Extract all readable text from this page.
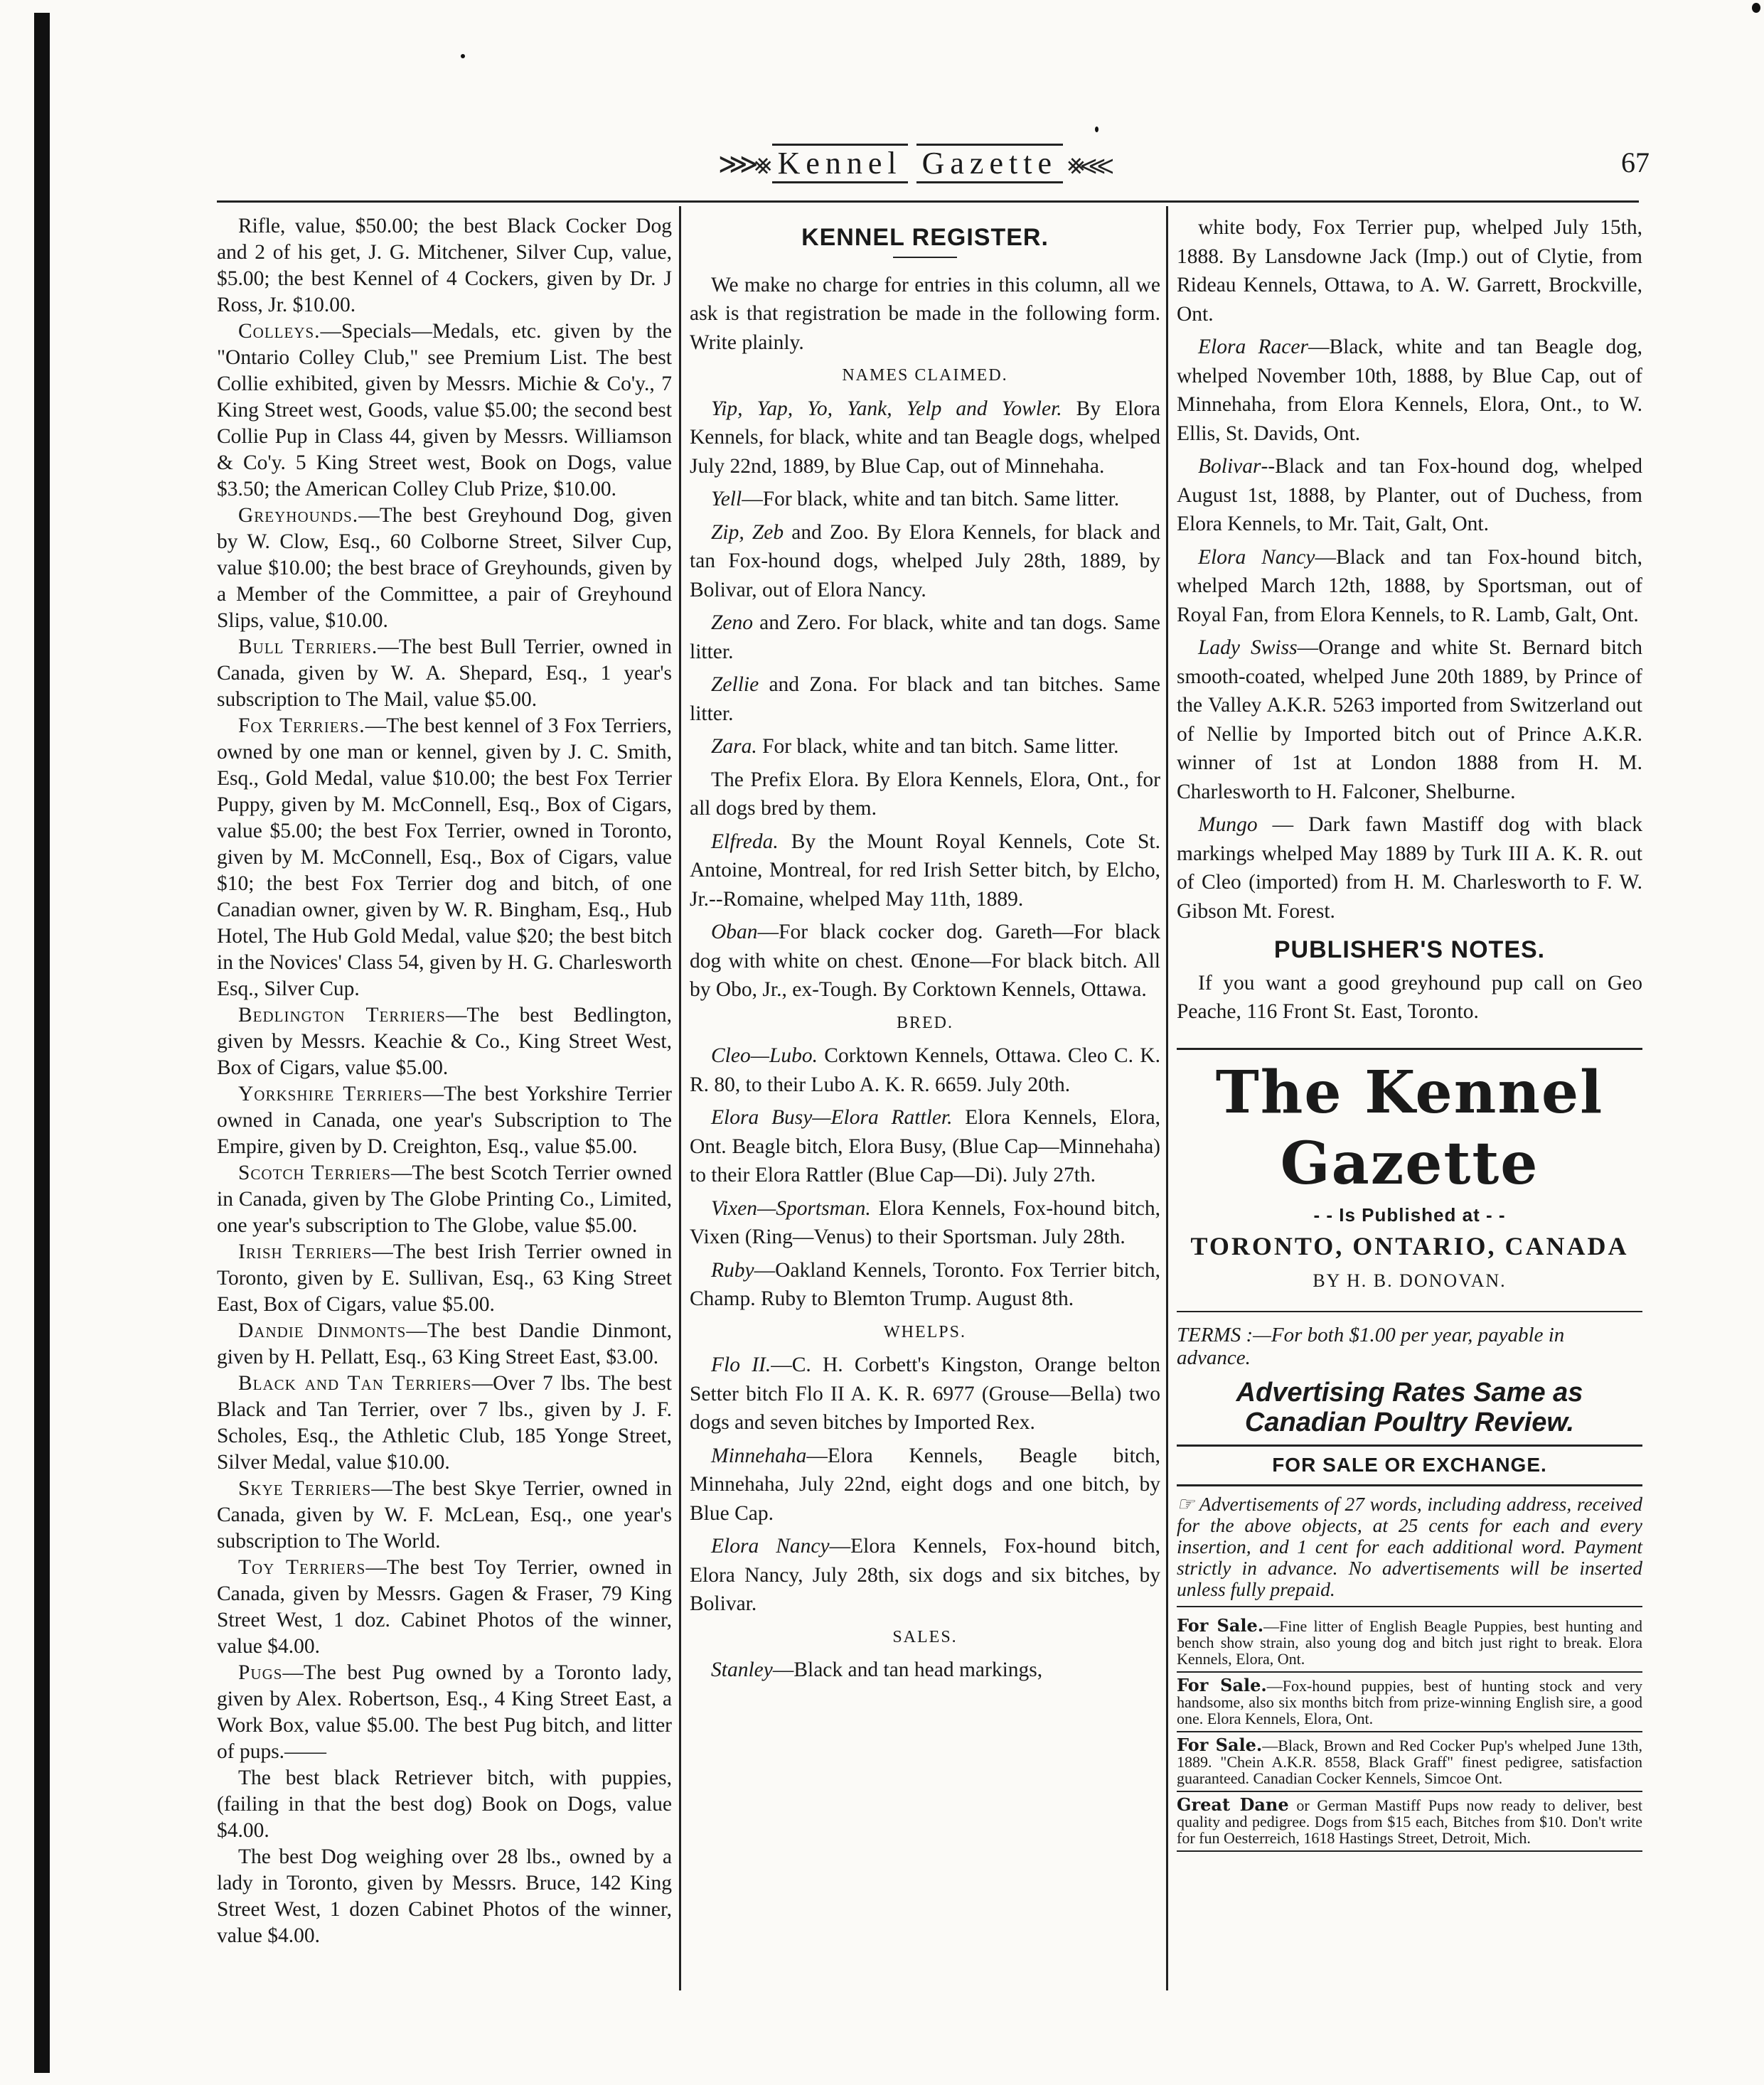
⋙⨳ Kennel Gazette ⨳⋘	67

Rifle, value, $50.00; the best Black Cocker Dog and 2 of his get, J. G. Mitchener, Silver Cup, value, $5.00; the best Kennel of 4 Cockers, given by Dr. J Ross, Jr. $10.00.

Colleys.—Specials—Medals, etc. given by the "Ontario Colley Club," see Premium List. The best Collie exhibited, given by Messrs. Michie & Co'y., 7 King Street west, Goods, value $5.00; the second best Collie Pup in Class 44, given by Messrs. Williamson & Co'y. 5 King Street west, Book on Dogs, value $3.50; the American Colley Club Prize, $10.00.

Greyhounds.—The best Greyhound Dog, given by W. Clow, Esq., 60 Colborne Street, Silver Cup, value $10.00; the best brace of Greyhounds, given by a Member of the Committee, a pair of Greyhound Slips, value, $10.00.

Bull Terriers.—The best Bull Terrier, owned in Canada, given by W. A. Shepard, Esq., 1 year's subscription to The Mail, value $5.00.

Fox Terriers.—The best kennel of 3 Fox Terriers, owned by one man or kennel, given by J. C. Smith, Esq., Gold Medal, value $10.00; the best Fox Terrier Puppy, given by M. McConnell, Esq., Box of Cigars, value $5.00; the best Fox Terrier, owned in Toronto, given by M. McConnell, Esq., Box of Cigars, value $10; the best Fox Terrier dog and bitch, of one Canadian owner, given by W. R. Bingham, Esq., Hub Hotel, The Hub Gold Medal, value $20; the best bitch in the Novices' Class 54, given by H. G. Charlesworth Esq., Silver Cup.

Bedlington Terriers—The best Bedlington, given by Messrs. Keachie & Co., King Street West, Box of Cigars, value $5.00.

Yorkshire Terriers—The best Yorkshire Terrier owned in Canada, one year's Subscription to The Empire, given by D. Creighton, Esq., value $5.00.

Scotch Terriers—The best Scotch Terrier owned in Canada, given by The Globe Printing Co., Limited, one year's subscription to The Globe, value $5.00.

Irish Terriers—The best Irish Terrier owned in Toronto, given by E. Sullivan, Esq., 63 King Street East, Box of Cigars, value $5.00.

Dandie Dinmonts—The best Dandie Dinmont, given by H. Pellatt, Esq., 63 King Street East, $3.00.

Black and Tan Terriers—Over 7 lbs. The best Black and Tan Terrier, over 7 lbs., given by J. F. Scholes, Esq., the Athletic Club, 185 Yonge Street, Silver Medal, value $10.00.

Skye Terriers—The best Skye Terrier, owned in Canada, given by W. F. McLean, Esq., one year's subscription to The World.

Toy Terriers—The best Toy Terrier, owned in Canada, given by Messrs. Gagen & Fraser, 79 King Street West, 1 doz. Cabinet Photos of the winner, value $4.00.

Pugs—The best Pug owned by a Toronto lady, given by Alex. Robertson, Esq., 4 King Street East, a Work Box, value $5.00. The best Pug bitch, and litter of pups.——

The best black Retriever bitch, with puppies, (failing in that the best dog) Book on Dogs, value $4.00.

The best Dog weighing over 28 lbs., owned by a lady in Toronto, given by Messrs. Bruce, 142 King Street West, 1 dozen Cabinet Photos of the winner, value $4.00.

KENNEL REGISTER.

We make no charge for entries in this column, all we ask is that registration be made in the following form. Write plainly.

NAMES CLAIMED.

Yip, Yap, Yo, Yank, Yelp and Yowler. By Elora Kennels, for black, white and tan Beagle dogs, whelped July 22nd, 1889, by Blue Cap, out of Minnehaha.

Yell—For black, white and tan bitch. Same litter.

Zip, Zeb and Zoo. By Elora Kennels, for black and tan Fox-hound dogs, whelped July 28th, 1889, by Bolivar, out of Elora Nancy.

Zeno and Zero. For black, white and tan dogs. Same litter.

Zellie and Zona. For black and tan bitches. Same litter.

Zara. For black, white and tan bitch. Same litter.

The Prefix Elora. By Elora Kennels, Elora, Ont., for all dogs bred by them.

Elfreda. By the Mount Royal Kennels, Cote St. Antoine, Montreal, for red Irish Setter bitch, by Elcho, Jr.--Romaine, whelped May 11th, 1889.

Oban—For black cocker dog. Gareth—For black dog with white on chest. Œnone—For black bitch. All by Obo, Jr., ex-Tough. By Corktown Kennels, Ottawa.

BRED.

Cleo—Lubo. Corktown Kennels, Ottawa. Cleo C. K. R. 80, to their Lubo A. K. R. 6659. July 20th.

Elora Busy—Elora Rattler. Elora Kennels, Elora, Ont. Beagle bitch, Elora Busy, (Blue Cap—Minnehaha) to their Elora Rattler (Blue Cap—Di). July 27th.

Vixen—Sportsman. Elora Kennels, Fox-hound bitch, Vixen (Ring—Venus) to their Sportsman. July 28th.

Ruby—Oakland Kennels, Toronto. Fox Terrier bitch, Champ. Ruby to Blemton Trump. August 8th.

WHELPS.

Flo II.—C. H. Corbett's Kingston, Orange belton Setter bitch Flo II A. K. R. 6977 (Grouse—Bella) two dogs and seven bitches by Imported Rex.

Minnehaha—Elora Kennels, Beagle bitch, Minnehaha, July 22nd, eight dogs and one bitch, by Blue Cap.

Elora Nancy—Elora Kennels, Fox-hound bitch, Elora Nancy, July 28th, six dogs and six bitches, by Bolivar.

SALES.

Stanley—Black and tan head markings,

white body, Fox Terrier pup, whelped July 15th, 1888. By Lansdowne Jack (Imp.) out of Clytie, from Rideau Kennels, Ottawa, to A. W. Garrett, Brockville, Ont.

Elora Racer—Black, white and tan Beagle dog, whelped November 10th, 1888, by Blue Cap, out of Minnehaha, from Elora Kennels, Elora, Ont., to W. Ellis, St. Davids, Ont.

Bolivar--Black and tan Fox-hound dog, whelped August 1st, 1888, by Planter, out of Duchess, from Elora Kennels, to Mr. Tait, Galt, Ont.

Elora Nancy—Black and tan Fox-hound bitch, whelped March 12th, 1888, by Sportsman, out of Royal Fan, from Elora Kennels, to R. Lamb, Galt, Ont.

Lady Swiss—Orange and white St. Bernard bitch smooth-coated, whelped June 20th 1889, by Prince of the Valley A.K.R. 5263 imported from Switzerland out of Nellie by Imported bitch out of Prince A.K.R. winner of 1st at London 1888 from H. M. Charlesworth to H. Falconer, Shelburne.

Mungo — Dark fawn Mastiff dog with black markings whelped May 1889 by Turk III A. K. R. out of Cleo (imported) from H. M. Charlesworth to F. W. Gibson Mt. Forest.

PUBLISHER'S NOTES.

If you want a good greyhound pup call on Geo Peache, 116 Front St. East, Toronto.

The Kennel Gazette
- - Is Published at - -
TORONTO, ONTARIO, CANADA
BY H. B. DONOVAN.
TERMS :—For both $1.00 per year, payable in advance.
Advertising Rates Same as Canadian Poultry Review.
FOR SALE OR EXCHANGE.
☞ Advertisements of 27 words, including address, received for the above objects, at 25 cents for each and every insertion, and 1 cent for each additional word. Payment strictly in advance. No advertisements will be inserted unless fully prepaid.
For Sale.—Fine litter of English Beagle Puppies, best hunting and bench show strain, also young dog and bitch just right to break. Elora Kennels, Elora, Ont.
For Sale.—Fox-hound puppies, best of hunting stock and very handsome, also six months bitch from prize-winning English sire, a good one. Elora Kennels, Elora, Ont.
For Sale.—Black, Brown and Red Cocker Pup's whelped June 13th, 1889. "Chein A.K.R. 8558, Black Graff" finest pedigree, satisfaction guaranteed. Canadian Cocker Kennels, Simcoe Ont.
Great Dane or German Mastiff Pups now ready to deliver, best quality and pedigree. Dogs from $15 each, Bitches from $10. Don't write for fun Oesterreich, 1618 Hastings Street, Detroit, Mich.
